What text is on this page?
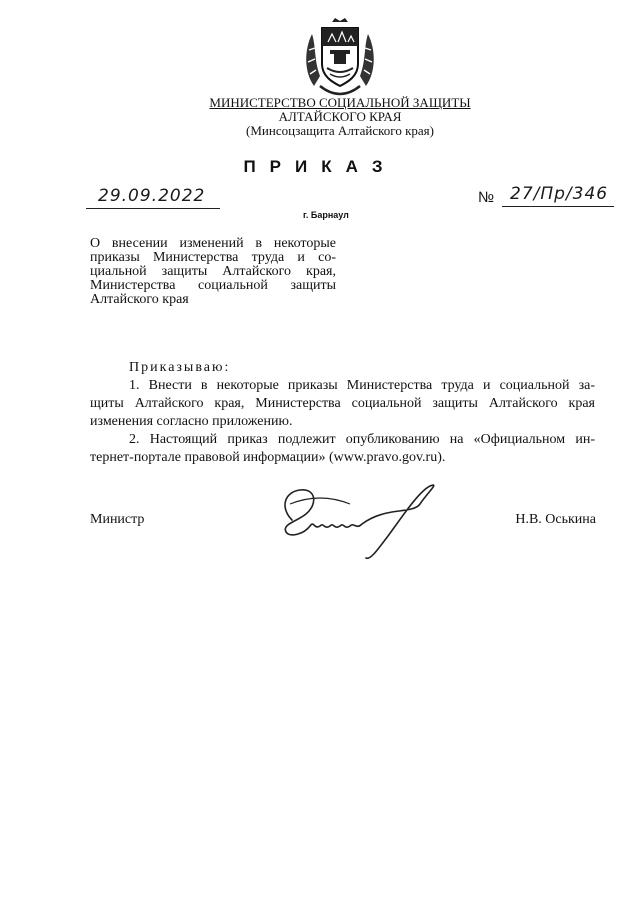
МИНИСТЕРСТВО СОЦИАЛЬНОЙ ЗАЩИТЫ
АЛТАЙСКОГО КРАЯ
(Минсоцзащита Алтайского края)
ПРИКАЗ
29.09.2022
г. Барнаул
№ 27/Пр/346
О внесении изменений в некоторые
приказы Министерства труда и со-
циальной защиты Алтайского края,
Министерства социальной защиты
Алтайского края
Приказываю:
1. Внести в некоторые приказы Министерства труда и социальной за-
щиты Алтайского края, Министерства социальной защиты Алтайского края
изменения согласно приложению.
2. Настоящий приказ подлежит опубликованию на «Официальном ин-
тернет-портале правовой информации» (www.pravo.gov.ru).
Министр	Н.В. Оськина
